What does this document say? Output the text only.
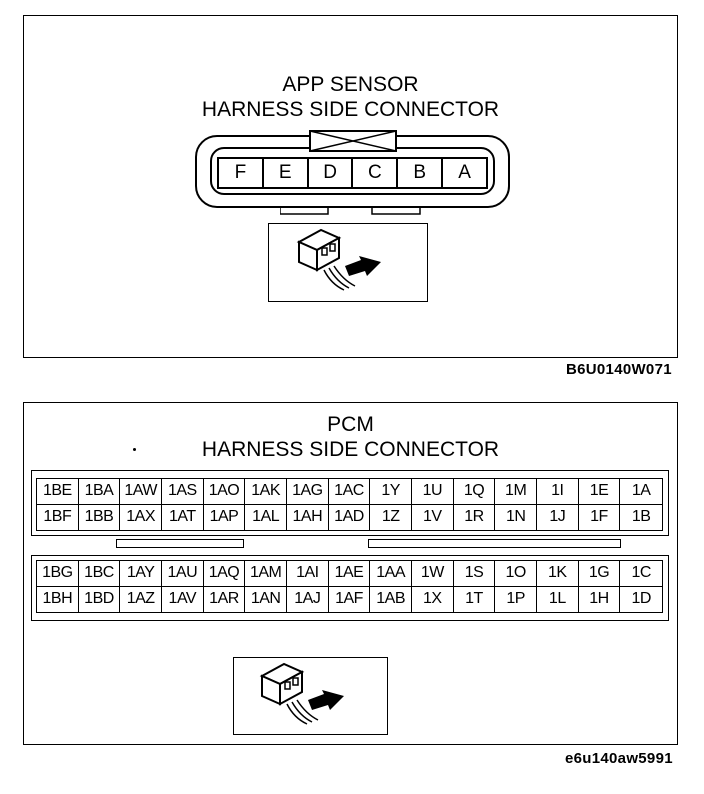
APP SENSOR
HARNESS SIDE CONNECTOR
F	E	D	C	B	A
B6U0140W071
PCM
HARNESS SIDE CONNECTOR
1BE 1BA 1AW 1AS 1AO 1AK 1AG 1AC	1Y	1U	1Q	1M	1I	1E	1A
1BF 1BB 1AX 1AT 1AP 1AL 1AH 1AD	1Z	1V	1R	1N	1J	1F	1B
1BG 1BC 1AY 1AU 1AQ 1AM 1AI	1AE 1AA 1W	1S	1O	1K	1G	1C
1BH 1BD 1AZ 1AV 1AR 1AN 1AJ 1AF 1AB	1X	1T	1P	1L	1H	1D
e6u140aw5991
